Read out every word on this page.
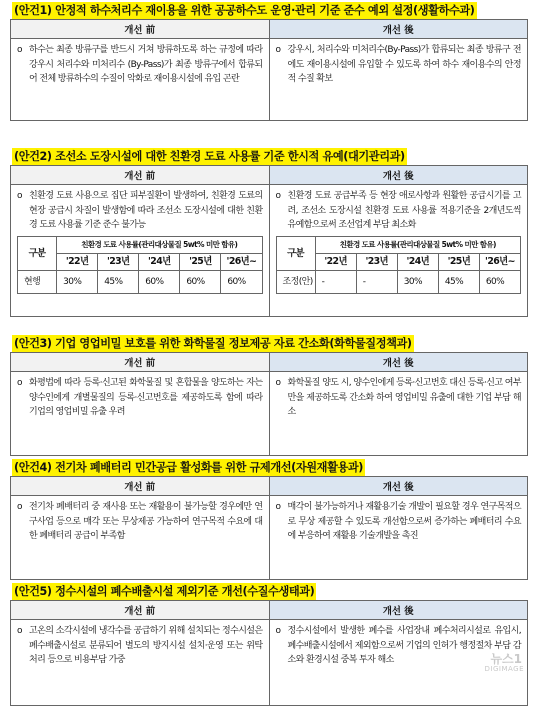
(안건1) 안정적 하수처리수 재이용을 위한 공공하수도 운영·관리 기준 준수 예외 설정(생활하수과)
개선 前	개선 後

o 하수는 최종 방류구를 반드시 거쳐 방류하도록 하는 규정에 따라 강우시 처리수와 미처리수 (By-Pass)가 최종 방류구에서 합류되어 전체 방류하수의 수질이 악화로 재이용시설에 유입 곤란	o 강우시, 처리수와 미처리수(By-Pass)가 합류되는 최종 방류구 전에도 재이용시설에 유입할 수 있도록 하여 하수 재이용수의 안정적 수질 확보
(안건2) 조선소 도장시설에 대한 친환경 도료 사용률 기준 한시적 유예(대기관리과)
개선 前	개선 後

o 친환경 도료 사용으로 집단 피부질환이 발생하여, 친환경 도료의 현장 공급시 차질이 발생함에 따라 조선소 도장시설에 대한 친환경 도료 사용률 기준 준수 불가능
구분	친환경 도료 사용률(관리대상물질 5wt% 미만 함유)
'22년	'23년	'24년	'25년	'26년~
현행	30%	45%	60%	60%	60%

o 친환경 도료 공급부족 등 현장 애로사항과 원활한 공급시기를 고려, 조선소 도장시설 친환경 도료 사용률 적용기준을 2개년도씩 유예함으로써 조선업계 부담 최소화
구분	친환경 도료 사용률(관리대상물질 5wt% 미만 함유)
'22년	'23년	'24년	'25년	'26년~
조정(안)	-	-	30%	45%	60%
(안건3) 기업 영업비밀 보호를 위한 화학물질 정보제공 자료 간소화(화학물질정책과)
개선 前	개선 後

o 화평법에 따라 등록·신고된 화학물질 및 혼합물을 양도하는 자는 양수인에게 개별물질의 등록·신고번호를 제공하도록 함에 따라 기업의 영업비밀 유출 우려	o 화학물질 양도 시, 양수인에게 등록·신고번호 대신 등록·신고 여부만을 제공하도록 간소화 하여 영업비밀 유출에 대한 기업 부담 해소
(안건4) 전기차 폐배터리 민간공급 활성화를 위한 규제개선(자원재활용과)
개선 前	개선 後

o 전기차 폐배터리 중 재사용 또는 재활용이 불가능할 경우에만 연구사업 등으로 매각 또는 무상제공 가능하여 연구목적 수요에 대한 폐배터리 공급이 부족함	o 매각이 불가능하거나 재활용기술 개발이 필요할 경우 연구목적으로 무상 제공할 수 있도록 개선함으로써 증가하는 폐배터리 수요에 부응하여 재활용 기술개발을 촉진
(안건5) 정수시설의 폐수배출시설 제외기준 개선(수질수생태과)
개선 前	개선 後

o 고온의 소각시설에 냉각수를 공급하기 위해 설치되는 정수시설은 폐수배출시설로 분류되어 별도의 방지시설 설치·운영 또는 위탁처리 등으로 비용부담 가중	o 정수시설에서 발생한 폐수를 사업장내 폐수처리시설로 유입시, 폐수배출시설에서 제외함으로써 기업의 인허가 행정절차 부담 감소와 환경시설 중복 투자 해소	뉴스1
DIGIMAGE
